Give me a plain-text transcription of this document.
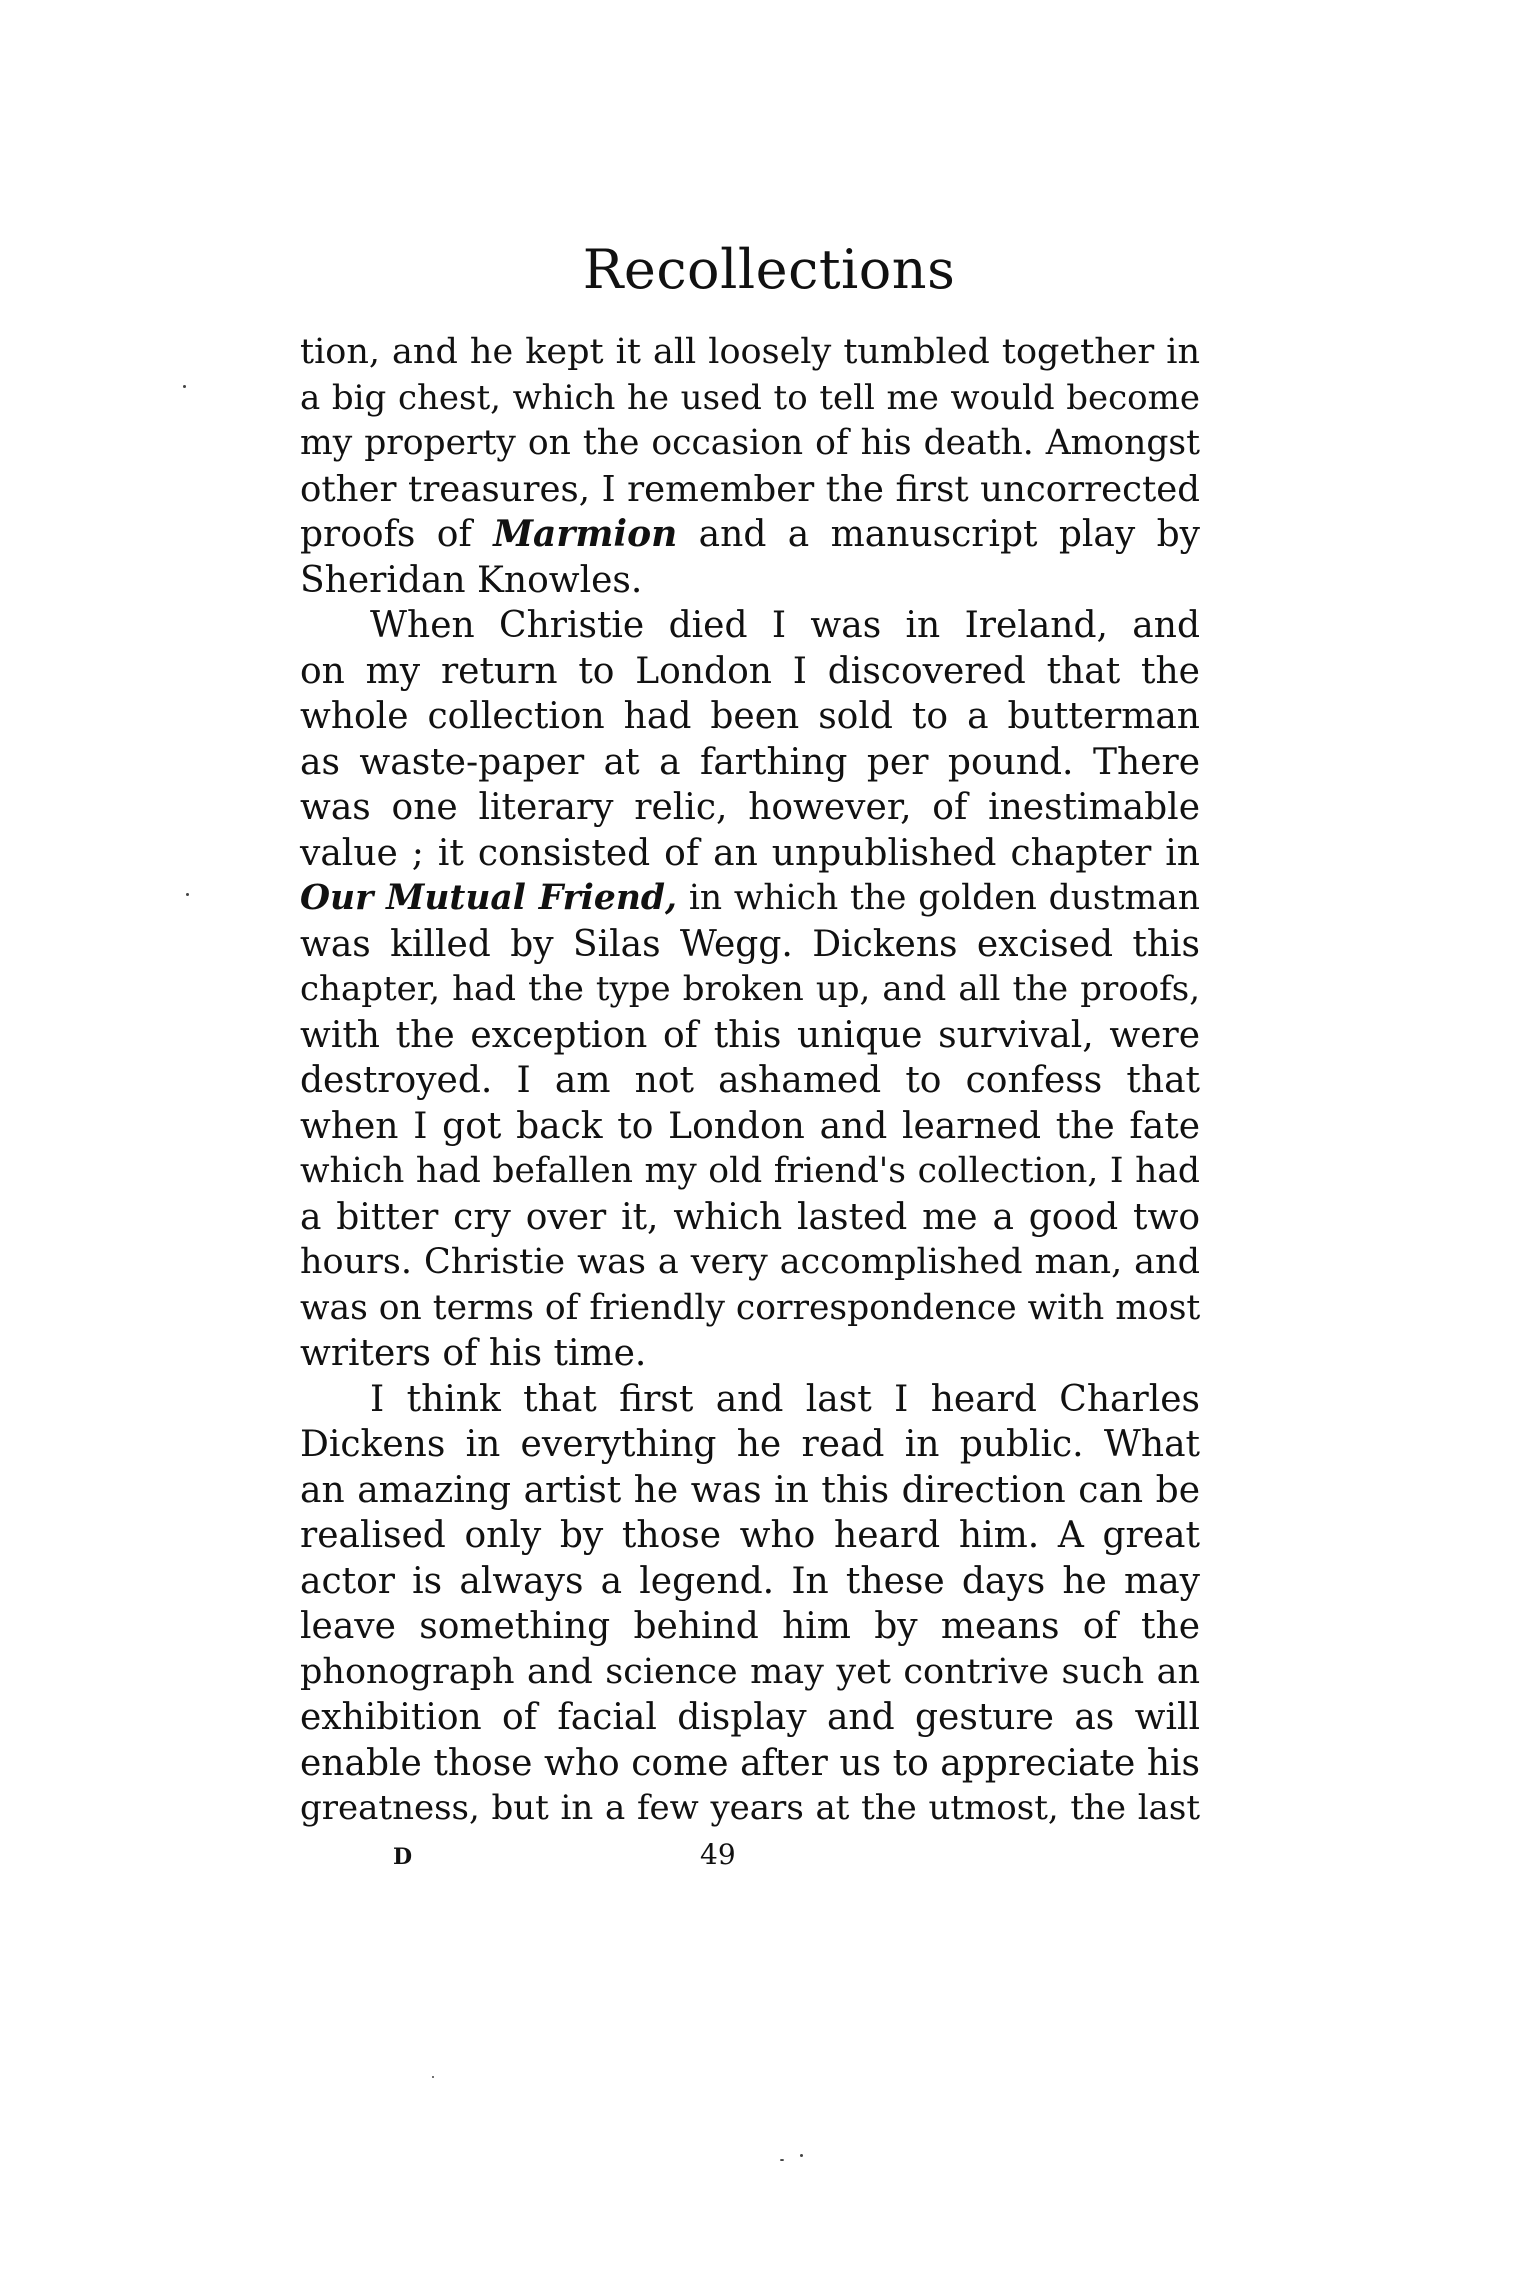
Recollections
tion, and he kept it all loosely tumbled together in
a big chest, which he used to tell me would become
my property on the occasion of his death. Amongst
other treasures, I remember the first uncorrected
proofs of Marmion and a manuscript play by
Sheridan Knowles.
When Christie died I was in Ireland, and
on my return to London I discovered that the
whole collection had been sold to a butterman
as waste-paper at a farthing per pound. There
was one literary relic, however, of inestimable
value ; it consisted of an unpublished chapter in
Our Mutual Friend, in which the golden dustman
was killed by Silas Wegg. Dickens excised this
chapter, had the type broken up, and all the proofs,
with the exception of this unique survival, were
destroyed. I am not ashamed to confess that
when I got back to London and learned the fate
which had befallen my old friend's collection, I had
a bitter cry over it, which lasted me a good two
hours. Christie was a very accomplished man, and
was on terms of friendly correspondence with most
writers of his time.
I think that first and last I heard Charles
Dickens in everything he read in public. What
an amazing artist he was in this direction can be
realised only by those who heard him. A great
actor is always a legend. In these days he may
leave something behind him by means of the
phonograph and science may yet contrive such an
exhibition of facial display and gesture as will
enable those who come after us to appreciate his
greatness, but in a few years at the utmost, the last
D	49
